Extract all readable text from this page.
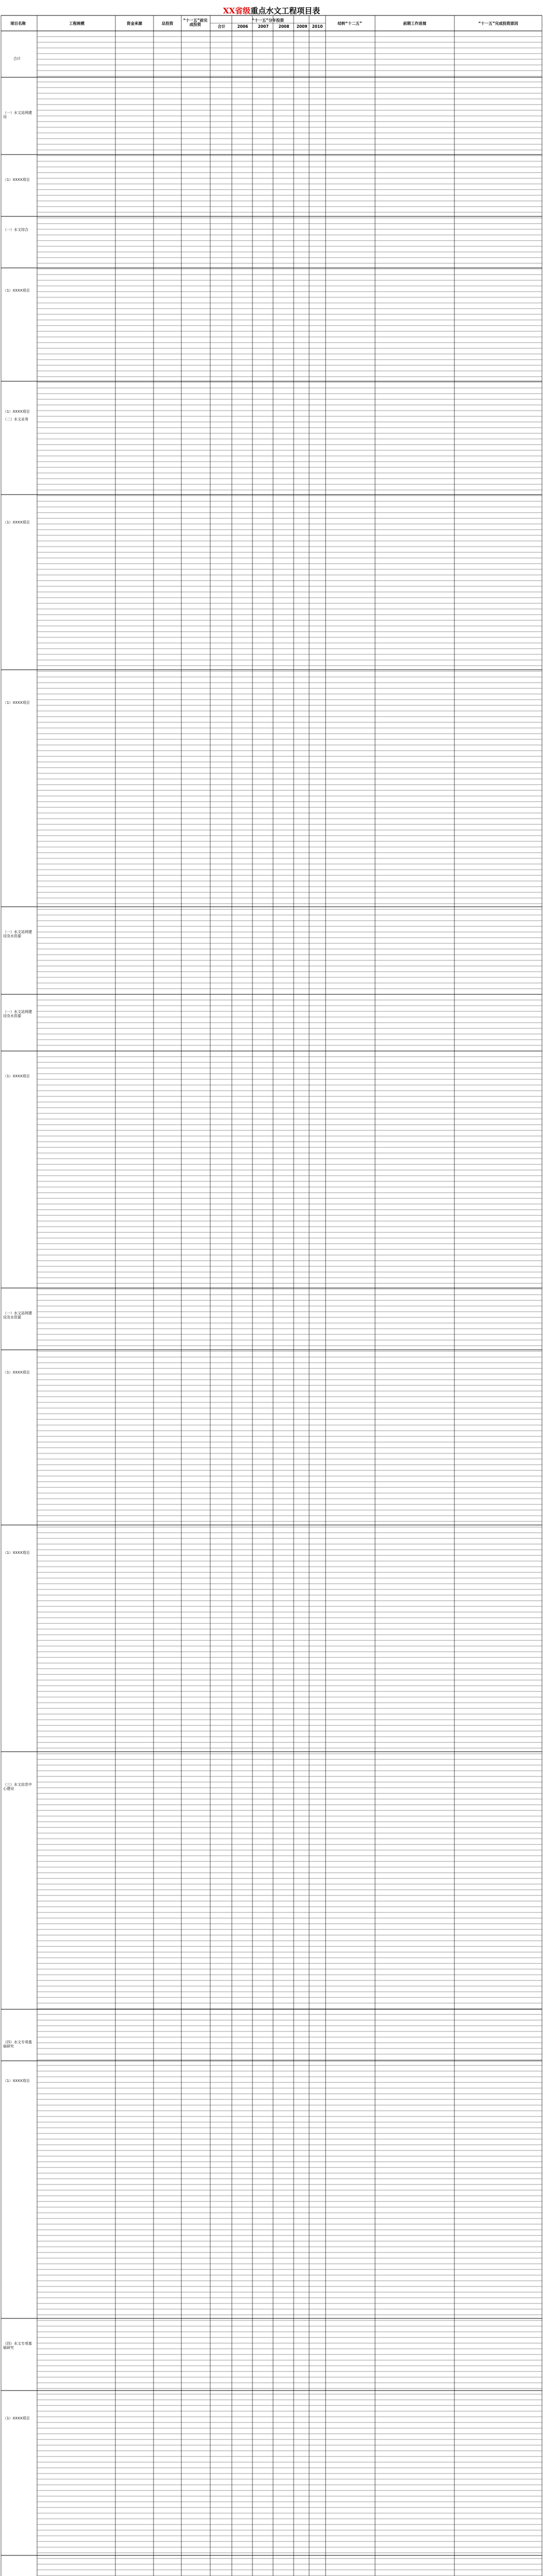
XX省级 重点水文工程项目表
项目名称	工程规模	资金来源	总投资
“十一五”前完成投资
“十一五”分年投资
合计	2006	2007	2008	2009	2010
结转“十二五”	前期工作进展	“十一五”完成投资原因
合计
（一）水文站网建设
（1）XXXX项目
（一）水文综合
（1）XXXX项目
（1）XXXX项目
（二）水文业务
（1）XXXX项目
（1）XXXX项目
（一）水文站网建设及水资源
（一）水文站网建设及水资源
（1）XXXX项目
（一）水文站网建设及水资源
（1）XXXX项目
（1）XXXX项目
（三）水文信息中心建设
（四）水文专项基础研究
（1）XXXX项目
（四）水文专项基础研究
（1）XXXX项目
